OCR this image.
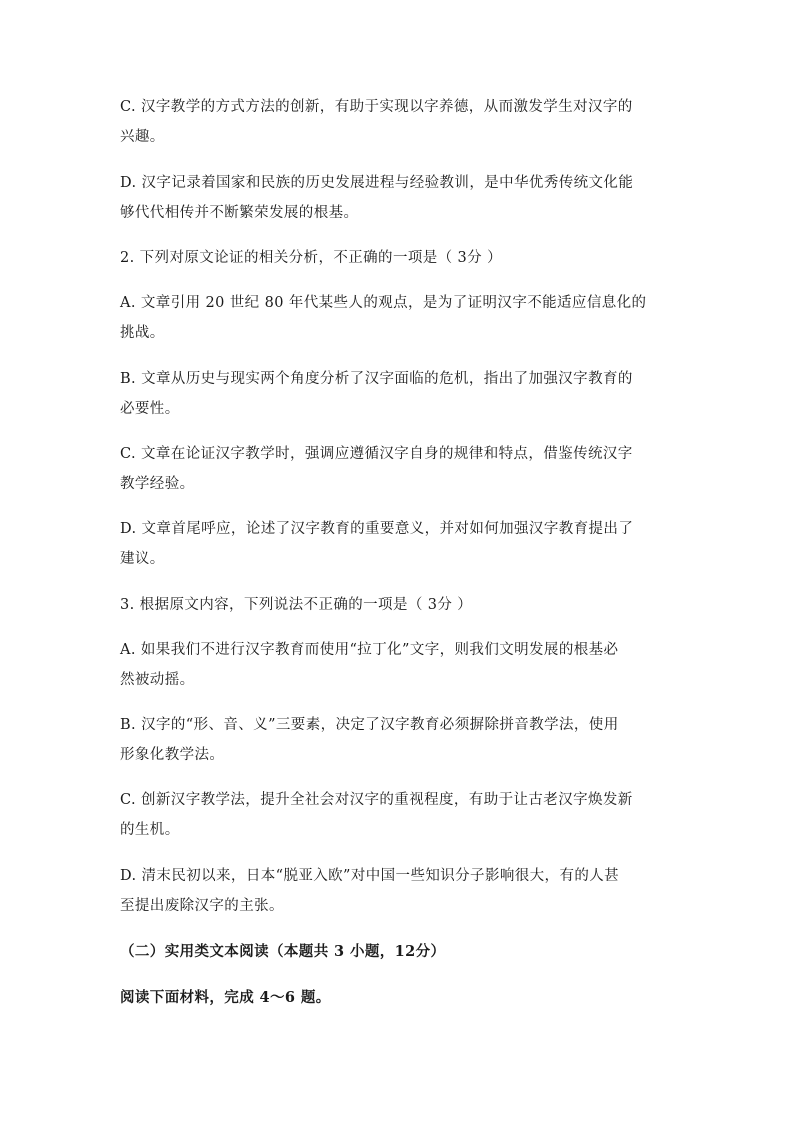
C. 汉字教学的方式方法的创新，有助于实现以字养德，从而激发学生对汉字的
兴趣。
D. 汉字记录着国家和民族的历史发展进程与经验教训，是中华优秀传统文化能
够代代相传并不断繁荣发展的根基。
2. 下列对原文论证的相关分析，不正确的一项是（ 3分 ）
A. 文章引用 20 世纪 80 年代某些人的观点，是为了证明汉字不能适应信息化的
挑战。
B. 文章从历史与现实两个角度分析了汉字面临的危机，指出了加强汉字教育的
必要性。
C. 文章在论证汉字教学时，强调应遵循汉字自身的规律和特点，借鉴传统汉字
教学经验。
D. 文章首尾呼应，论述了汉字教育的重要意义，并对如何加强汉字教育提出了
建议。
3. 根据原文内容，下列说法不正确的一项是（ 3分 ）
A. 如果我们不进行汉字教育而使用“拉丁化”文字，则我们文明发展的根基必
然被动摇。
B. 汉字的“形、音、义”三要素，决定了汉字教育必须摒除拼音教学法，使用
形象化教学法。
C. 创新汉字教学法，提升全社会对汉字的重视程度，有助于让古老汉字焕发新
的生机。
D. 清末民初以来，日本“脱亚入欧”对中国一些知识分子影响很大，有的人甚
至提出废除汉字的主张。
（二）实用类文本阅读（本题共 3 小题，12分）
阅读下面材料，完成 4～6 题。
